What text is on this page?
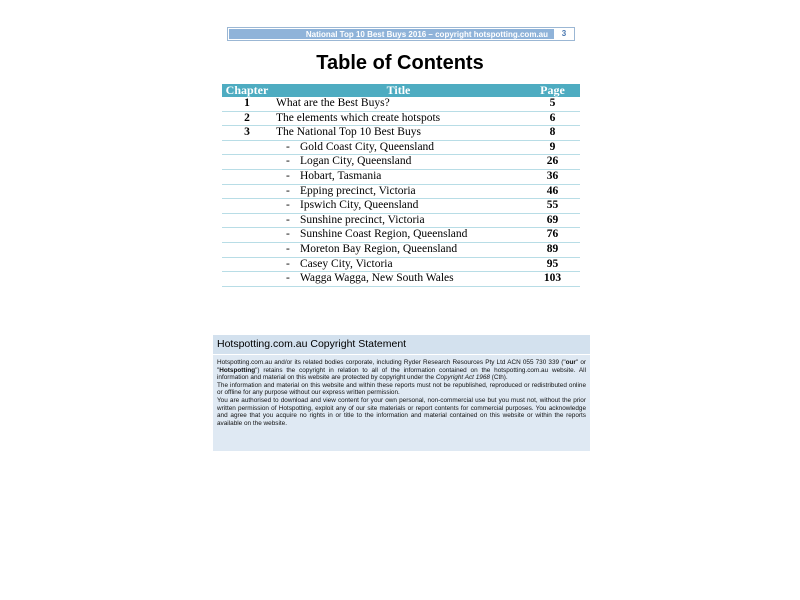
National Top 10 Best Buys 2016 – copyright hotspotting.com.au	3
Table of Contents
Chapter	Title	Page
1	What are the Best Buys?	5
2	The elements which create hotspots	6
3	The National Top 10 Best Buys	8
	- Gold Coast City, Queensland	9
	- Logan City, Queensland	26
	- Hobart, Tasmania	36
	- Epping precinct, Victoria	46
	- Ipswich City, Queensland	55
	- Sunshine precinct, Victoria	69
	- Sunshine Coast Region, Queensland	76
	- Moreton Bay Region, Queensland	89
	- Casey City, Victoria	95
	- Wagga Wagga, New South Wales	103
Hotspotting.com.au Copyright Statement

Hotspotting.com.au and/or its related bodies corporate, including Ryder Research Resources Pty Ltd ACN 055 730 339 ("our" or "Hotspotting") retains the copyright in relation to all of the information contained on the hotspotting.com.au website. All information and material on this website are protected by copyright under the Copyright Act 1968 (Cth).

The information and material on this website and within these reports must not be republished, reproduced or redistributed online or offline for any purpose without our express written permission.

You are authorised to download and view content for your own personal, non-commercial use but you must not, without the prior written permission of Hotspotting, exploit any of our site materials or report contents for commercial purposes. You acknowledge and agree that you acquire no rights in or title to the information and material contained on this website or within the reports available on the website.
